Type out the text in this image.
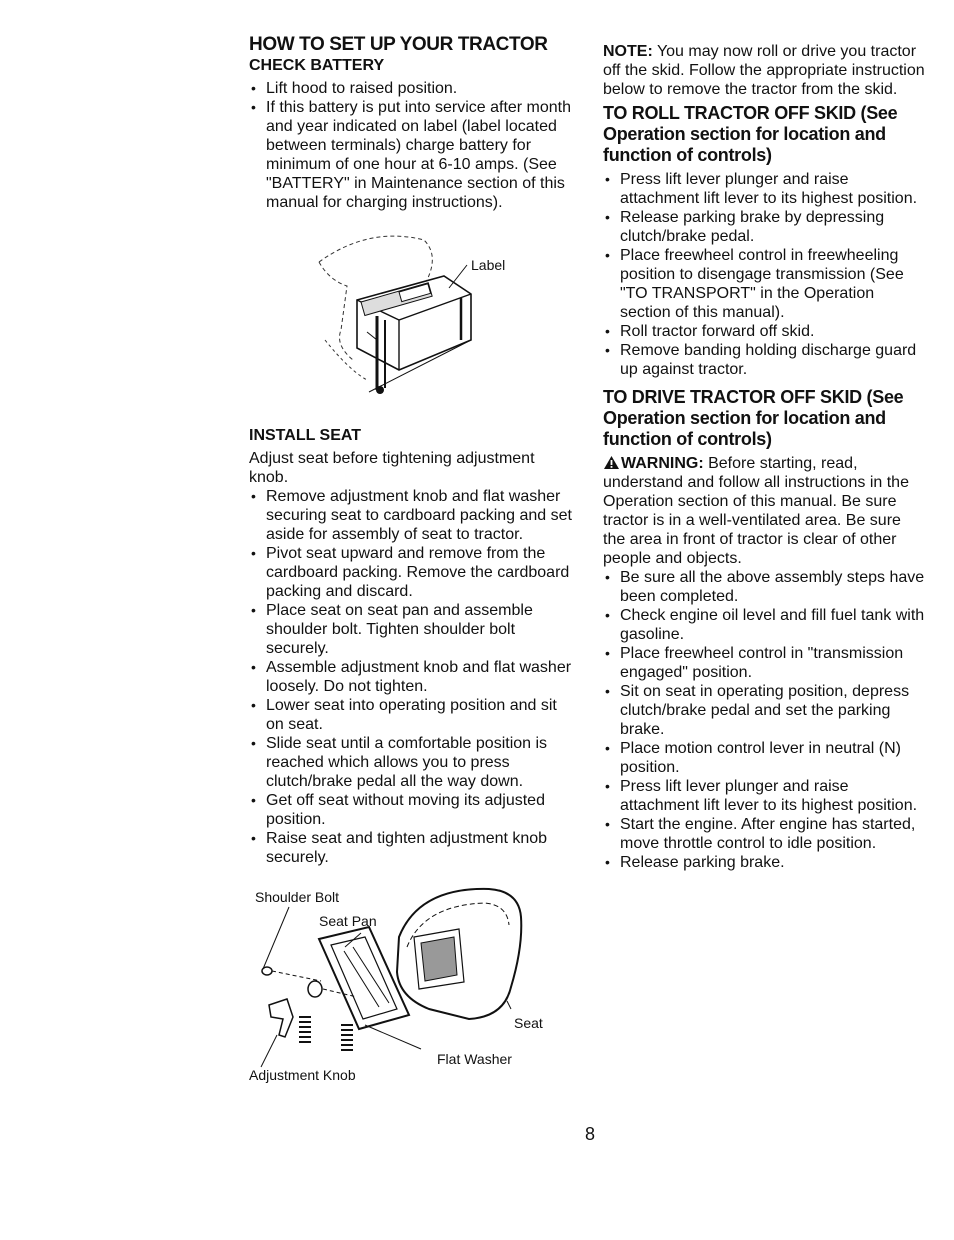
HOW TO SET UP YOUR TRACTOR
CHECK BATTERY
• Lift hood to raised position.
• If this battery is put into service after month and year indicated on label (label located between terminals) charge battery for minimum of one hour at 6-10 amps. (See "BATTERY" in Maintenance section of this manual for charging instructions).
Label
INSTALL SEAT

Adjust seat before tightening adjustment knob.

• Remove adjustment knob and flat washer securing seat to cardboard packing and set aside for assembly of seat to tractor.
• Pivot seat upward and remove from the cardboard packing. Remove the cardboard packing and discard.
• Place seat on seat pan and assemble shoulder bolt. Tighten shoulder bolt securely.
• Assemble adjustment knob and flat washer loosely. Do not tighten.
• Lower seat into operating position and sit on seat.
• Slide seat until a comfortable position is reached which allows you to press clutch/brake pedal all the way down.
• Get off seat without moving its adjusted position.
• Raise seat and tighten adjustment knob securely.
Shoulder Bolt
Seat Pan
Seat
Flat Washer
Adjustment Knob

NOTE: You may now roll or drive you tractor off the skid. Follow the appropriate instruction below to remove the tractor from the skid.

TO ROLL TRACTOR OFF SKID (See Operation section for location and function of controls)
• Press lift lever plunger and raise attachment lift lever to its highest position.
• Release parking brake by depressing clutch/brake pedal.
• Place freewheel control in freewheeling position to disengage transmission (See "TO TRANSPORT" in the Operation section of this manual).
• Roll tractor forward off skid.
• Remove banding holding discharge guard up against tractor.
TO DRIVE TRACTOR OFF SKID (See Operation section for location and function of controls)

WARNING: Before starting, read, understand and follow all instructions in the Operation section of this manual. Be sure tractor is in a well-ventilated area. Be sure the area in front of tractor is clear of other people and objects.

• Be sure all the above assembly steps have been completed.
• Check engine oil level and fill fuel tank with gasoline.
• Place freewheel control in "transmission engaged" position.
• Sit on seat in operating position, depress clutch/brake pedal and set the parking brake.
• Place motion control lever in neutral (N) position.
• Press lift lever plunger and raise attachment lift lever to its highest position.
• Start the engine. After engine has started, move throttle control to idle position.
• Release parking brake.
8
